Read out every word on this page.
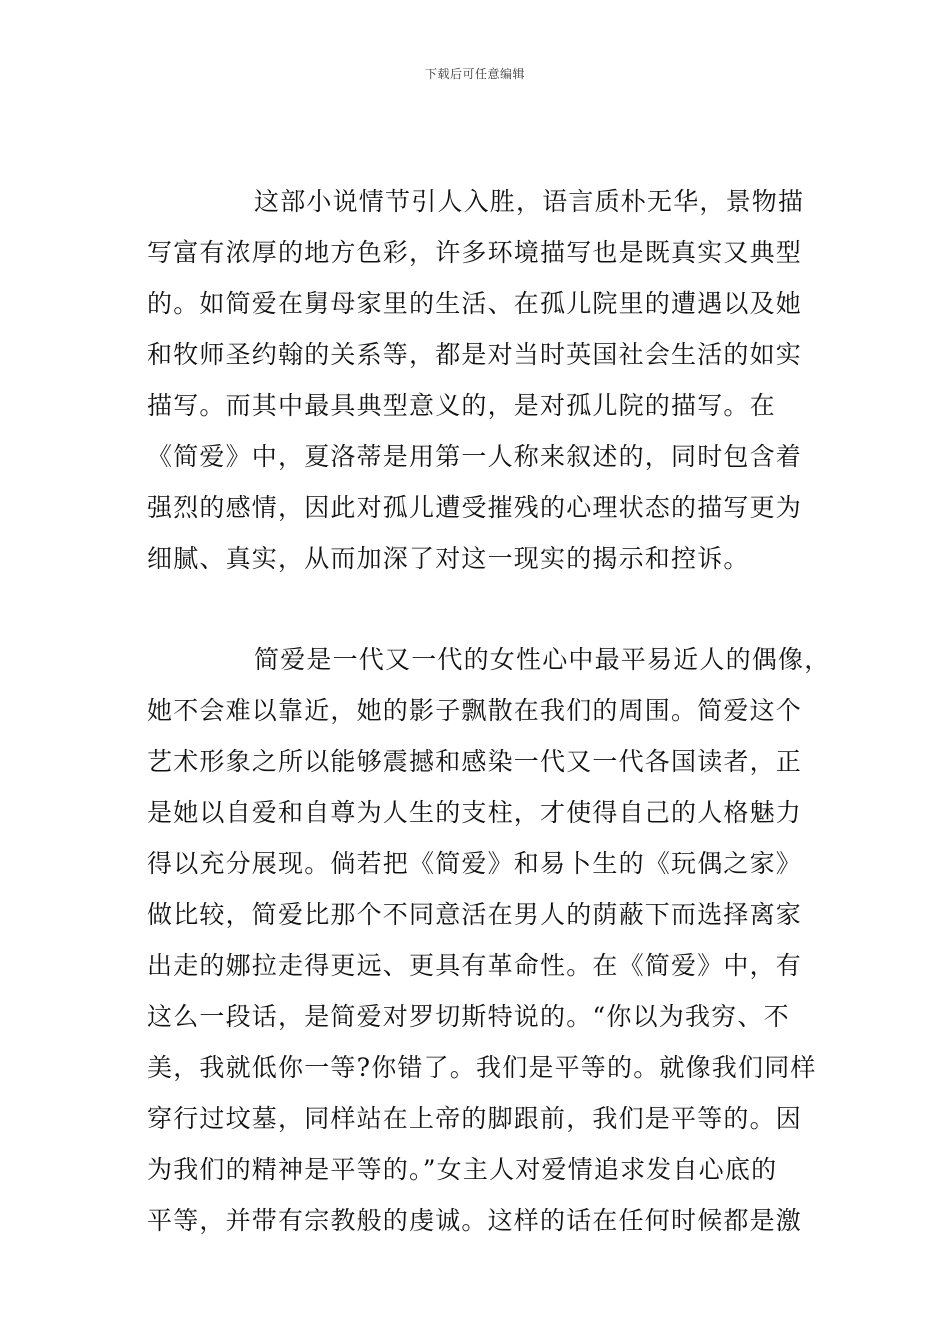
下载后可任意编辑
这部小说情节引人入胜，语言质朴无华，景物描
写富有浓厚的地方色彩，许多环境描写也是既真实又典型
的。如简爱在舅母家里的生活、在孤儿院里的遭遇以及她
和牧师圣约翰的关系等，都是对当时英国社会生活的如实
描写。而其中最具典型意义的，是对孤儿院的描写。在
《简爱》中，夏洛蒂是用第一人称来叙述的，同时包含着
强烈的感情，因此对孤儿遭受摧残的心理状态的描写更为
细腻、真实，从而加深了对这一现实的揭示和控诉。
简爱是一代又一代的女性心中最平易近人的偶像，
她不会难以靠近，她的影子飘散在我们的周围。简爱这个
艺术形象之所以能够震撼和感染一代又一代各国读者，正
是她以自爱和自尊为人生的支柱，才使得自己的人格魅力
得以充分展现。倘若把《简爱》和易卜生的《玩偶之家》
做比较，简爱比那个不同意活在男人的荫蔽下而选择离家
出走的娜拉走得更远、更具有革命性。在《简爱》中，有
这么一段话，是简爱对罗切斯特说的。“你以为我穷、不
美，我就低你一等?你错了。我们是平等的。就像我们同样
穿行过坟墓，同样站在上帝的脚跟前，我们是平等的。因
为我们的精神是平等的。”女主人对爱情追求发自心底的
平等，并带有宗教般的虔诚。这样的话在任何时候都是激
